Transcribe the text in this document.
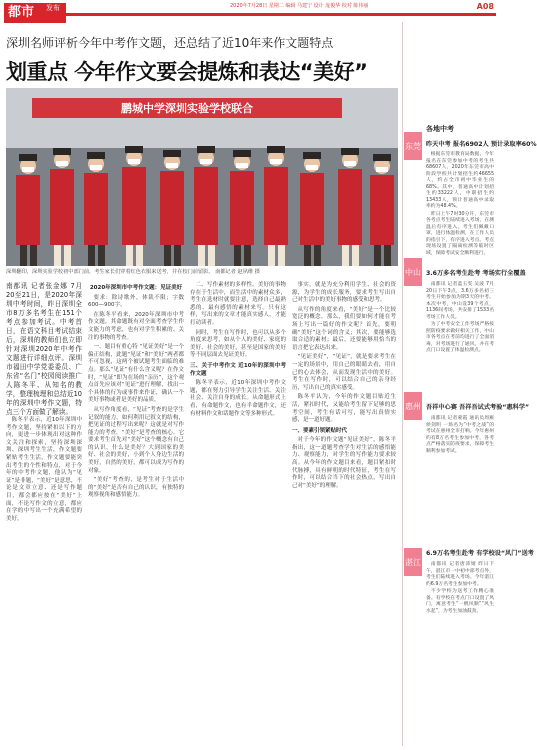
都市	发布	2020年7月28日 星期二 编辑 马建宁 设计 庞俊华 校对 陈伟丽	A08
深圳名师评析今年中考作文题，还总结了近10年来作文题特点
划重点 今年作文要会提炼和表达“美好”
鹏城中学深圳实验学校联合
深圳翻印，深圳实验学校初中部门前，考生家长们穿着红色衣服来送考，并在校门前留影。 南都记者 赵夙维 摄
南都讯 记者张金娜 7月20至21日，是2020年深圳中考时间，昨日深圳全市8万多名考生在151个考点参加考试。中考首日，在语文科目考试结束后，深圳的教师们也立即针对深圳2020年中考作文题进行详细点评。深圳市福田中学党委委员、广东省“名门”校园阅读推广人陈冬平、从知名的教学，整理梳理和总结近10年的深圳中考作文题，特点三个方面做了解读。

陈冬平表示，近10年深圳中考作文题，坚持紧扣以下的方向，更进一步体现出对这种作文关注和探索，坚持深圳深圳、深圳考生生活，作文题要紧贴考生生活，作文题要能突出考生的个性和特点，对于今年的中考作文题，他认为“见证”是非题，“美好”是意思，不论是文章立意、还是写作题目，都会都应按在“美好”上面，不论写作文的立意，都应在学的中写出一个充满希望的美好。

2020年深圳市中考作文题：见证美好

要求：除诗歌外，体裁不限；字数600—900字。

在陈冬平看来，2020年深圳市中考作文题，其命题既有对全面考查学生作文能力的考虑，也有对学生积累的、关注的事物的考查。

一、题目有重心特 “见证美好”是一个偏正结构，此题“见证”和“美好”两者都不可忽视，这两个被试题考生面临的难点。那么“见证”有什么含义呢？在作文时，“见证”即为在场的“亲历”，这个观点首先应该对“见证”进行理解，找出一个具体的行为或事件来作证，确认一个美好事物或者是美好的品质。

从写作角度看，“见证”考查的是学生记叙的能力。如何利用记叙文的结构，把见证的过程写出来呢？这就是对写作能力的考查。“美好”是考查的核心。它要求考生首先对“美好”这个概念有自己的认识，什么是美好？大到国家的美好、社会的美好，小到个人身边生活的美好，自然的美好，都可以成为写作的对象。

“美好”考查的，是考生对于生活中的“美好”是否有自己的认识，有独特的观察视角和感悟能力。

二、写作素材的多样性。美好的事物存在于生活中，而生活中的素材众多，考生在选材时就要注意，选择自己最熟悉的、最有感悟的素材来写。只有这样，写出来的文章才能真实感人，才能打动读者。

同时，考生在写作时，也可以从多个角度来思考，如从个人的美好、家庭的美好、社会的美好，甚至是国家的美好等不同层面去见证美好。

三、关于中考作文 近10年的深圳中考作文题

陈冬平表示，近10年深圳中考作文题，都在努力引导学生关注生活、关注社会、关注自身的成长。从命题形式上看，有命题作文，也有半命题作文，还有材料作文和话题作文等多种形式。

事实，就是为充分利用学生、社会的资源，为学生的成长服务，要求考生写出自己对生活中的美好事物的感受和思考。

从写作的角度来看，“美好”是一个比较宽泛的概念。那么，我们要如何才能在考场上写出一篇好的作文呢？首先，要明确“美好”这个词的含义；其次，要能够选取合适的素材；最后，还要能够用恰当的语言把它表达出来。

“见证美好”，“见证”，就是要求考生在一定的场景中，用自己的眼睛去看，用自己的心去体会，从而发现生活中的美好。考生在写作时，可以结合自己的亲身经历，写出自己的真实感受。

陈冬平认为，今年的作文题目贴近生活，紧扣时代，又能给考生留下足够的思考空间，考生有话可写，能写出真情实感，是一道好题。

一、要素引领紧贴时代

对于今年的作文题“见证美好”，陈冬平指出，这一道题考查学生对生活的感悟能力、观察能力，对学生的写作能力要求较高。从今年的作文题目来看，题目紧扣时代脉搏，具有鲜明的时代特征，考生在写作时，可以结合当下的社会热点，写出自己对“美好”的理解。

各地中考
东莞 昨天中考 报名6902人 预计录取率60%

根据东莞市教育局数据，今年报名在东莞参加中考的考生共68607人，2020年东莞市高中阶段学校共计划招生约46655人，约占全市初中毕业生的68%。其中，普通高中计划招生约33222人，中职招生约13433人，预计普通高中录取率约为48.4%。

昨日上午7时30分许，东莞市各考点考生陆续进入考场，在测温后有序进入。考生们佩戴口罩，进行体温检测，在工作人员的指引下，有序进入考点。考点现场设置了隔离检测等临时区域，保障考试安全顺利进行。

中山 3.6万多名考生赴考 考场实行全覆盖

南都讯 记者蓝玉雯 吴波 7月20日下午3点，3.6万多名初三考生开始参加为期3天的中考。本次中考，中山设39个考点，1136间考场，共安排了1533名考场工作人员。

为了中考安全工作考场严格按照防疫要求做好相关工作，中山市各考点在考前均进行了全面消毒，对考场进行了通风，并在考点门口设置了体温检测点。

惠州 吾祥中心赛 吾祥吾试式考验“惠科学”

南都讯 记者蒙霞 通讯员周雁 侯剑明 一场名为“中考之战”的考试在惠州全市打响。今年惠州约有8万名考生参加中考，各考点严格落实防疫要求，保障考生顺利参加考试。

湛江
6.9万名考生赴考 有学校设“风门”送考

南都讯 记者唐沛婧 昨日下午，湛江市一中初中部考点外，考生们陆续进入考场。今年湛江约6.9万名考生参加中考。

不少学校为送考工作精心准备。有学校在考点门口设置了风门，寓意考生“一帆风顺”“风生水起”，为考生加油鼓劲。
